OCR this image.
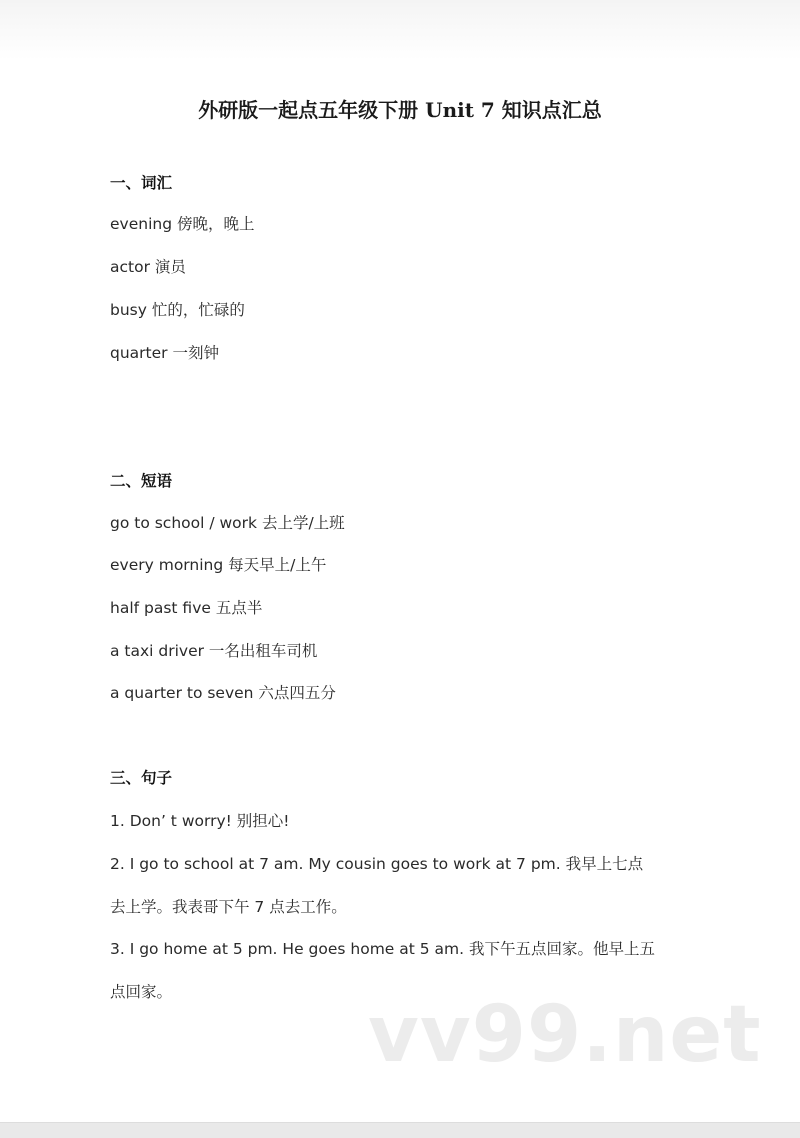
外研版一起点五年级下册 Unit 7 知识点汇总
一、词汇
evening 傍晚，晚上
actor 演员
busy 忙的，忙碌的
quarter 一刻钟
二、短语
go to school / work 去上学/上班
every morning 每天早上/上午
half past five 五点半
a taxi driver 一名出租车司机
a quarter to seven 六点四五分
三、句子
1. Don’ t worry! 别担心!
2. I go to school at 7 am. My cousin goes to work at 7 pm. 我早上七点
去上学。我表哥下午 7 点去工作。
3. I go home at 5 pm. He goes home at 5 am. 我下午五点回家。他早上五
点回家。	vv99.net
